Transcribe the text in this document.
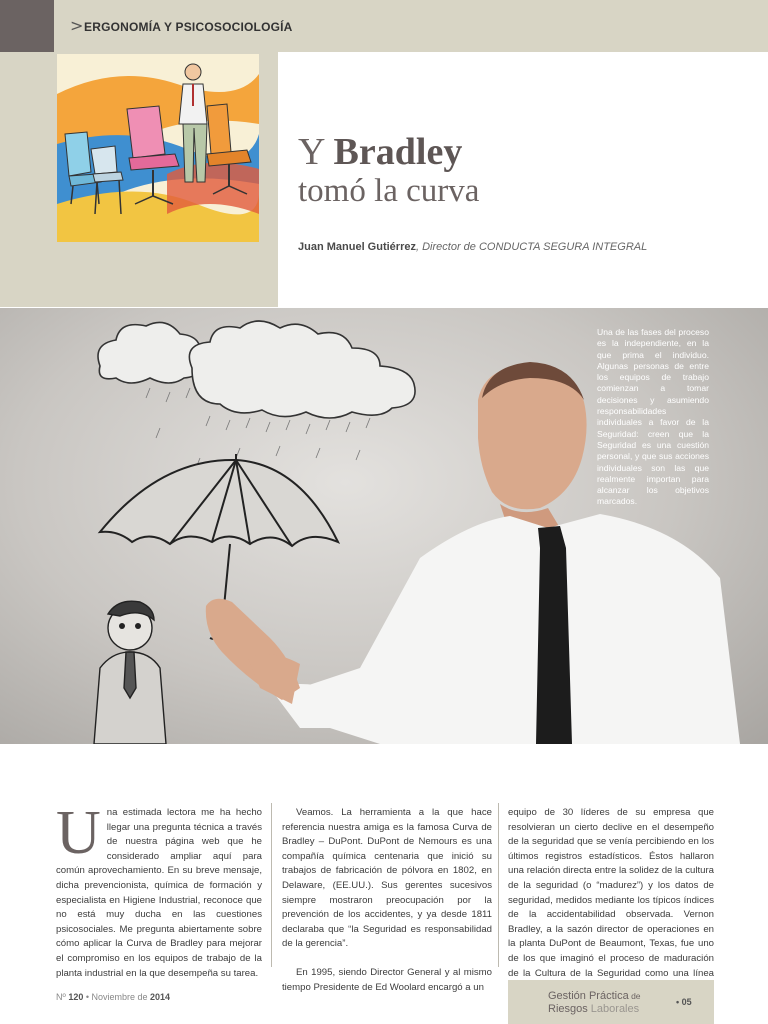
> ERGONOMÍA Y PSICOSOCIOLOGÍA
Y Bradley
tomó la curva
Juan Manuel Gutiérrez, Director de CONDUCTA SEGURA INTEGRAL
Una de las fases del proceso es la independiente, en la que prima el individuo. Algunas personas de entre los equipos de trabajo comienzan a tomar decisiones y asumiendo responsabilidades individuales a favor de la Seguridad: creen que la Seguridad es una cuestión personal, y que sus acciones individuales son las que realmente importan para alcanzar los objetivos marcados.
U na estimada lectora me ha hecho llegar una pregunta técnica a través de nuestra página web que he considerado ampliar aquí para común aprovechamiento. En su breve mensaje, dicha prevencionista, química de formación y especialista en Higiene Industrial, reconoce que no está muy ducha en las cuestiones psicosociales. Me pregunta abiertamente sobre cómo aplicar la Curva de Bradley para mejorar el compromiso en los equipos de trabajo de la planta industrial en la que desempeña su tarea.

Veamos. La herramienta a la que hace referencia nuestra amiga es la famosa Curva de Bradley – DuPont. DuPont de Nemours es una compañía química centenaria que inició su trabajos de fabricación de pólvora en 1802, en Delaware, (EE.UU.). Sus gerentes sucesivos siempre mostraron preocupación por la prevención de los accidentes, y ya desde 1811 declaraba que “la Seguridad es responsabilidad de la gerencia”.

En 1995, siendo Director General y al mismo tiempo Presidente de Ed Woolard encargó a un

equipo de 30 líderes de su empresa que resolvieran un cierto declive en el desempeño de la seguridad que se venía percibiendo en los últimos registros estadísticos. Éstos hallaron una relación directa entre la solidez de la cultura de la seguridad (o “madurez”) y los datos de seguridad, medidos mediante los típicos índices de la accidentabilidad observada. Vernon Bradley, a la sazón director de operaciones en la planta DuPont de Beaumont, Texas, fue uno de los que imaginó el proceso de maduración de la Cultura de la Seguridad como una línea

Nº 120 • Noviembre de 2014	Gestión Práctica de
Riesgos Laborales
• 05
